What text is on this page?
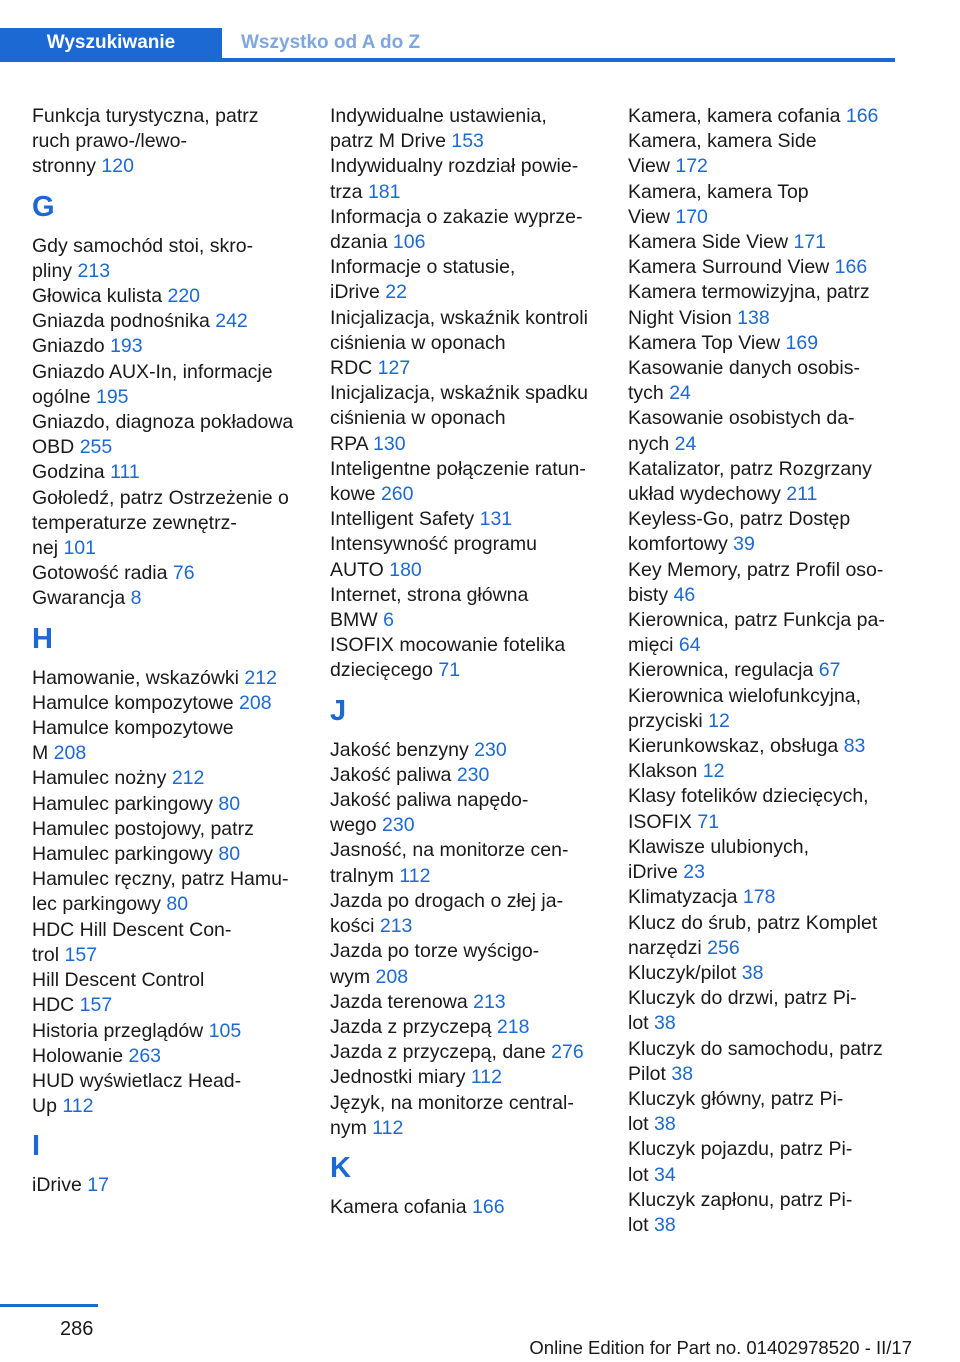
Wyszukiwanie	Wszystko od A do Z
Funkcja turystyczna, patrz
ruch prawo-/lewo-
stronny 120
G
Gdy samochód stoi, skro-
pliny 213
Głowica kulista 220
Gniazda podnośnika 242
Gniazdo 193
Gniazdo AUX-In, informacje
ogólne 195
Gniazdo, diagnoza pokładowa
OBD 255
Godzina 111
Gołoledź, patrz Ostrzeżenie o
temperaturze zewnętrz-
nej 101
Gotowość radia 76
Gwarancja 8
H
Hamowanie, wskazówki 212
Hamulce kompozytowe 208
Hamulce kompozytowe
M 208
Hamulec nożny 212
Hamulec parkingowy 80
Hamulec postojowy, patrz
Hamulec parkingowy 80
Hamulec ręczny, patrz Hamu-
lec parkingowy 80
HDC Hill Descent Con-
trol 157
Hill Descent Control
HDC 157
Historia przeglądów 105
Holowanie 263
HUD wyświetlacz Head-
Up 112
I
iDrive 17
Indywidualne ustawienia,
patrz M Drive 153
Indywidualny rozdział powie-
trza 181
Informacja o zakazie wyprze-
dzania 106
Informacje o statusie,
iDrive 22
Inicjalizacja, wskaźnik kontroli
ciśnienia w oponach
RDC 127
Inicjalizacja, wskaźnik spadku
ciśnienia w oponach
RPA 130
Inteligentne połączenie ratun-
kowe 260
Intelligent Safety 131
Intensywność programu
AUTO 180
Internet, strona główna
BMW 6
ISOFIX mocowanie fotelika
dziecięcego 71
J
Jakość benzyny 230
Jakość paliwa 230
Jakość paliwa napędo-
wego 230
Jasność, na monitorze cen-
tralnym 112
Jazda po drogach o złej ja-
kości 213
Jazda po torze wyścigo-
wym 208
Jazda terenowa 213
Jazda z przyczepą 218
Jazda z przyczepą, dane 276
Jednostki miary 112
Język, na monitorze central-
nym 112
K
Kamera cofania 166
Kamera, kamera cofania 166
Kamera, kamera Side
View 172
Kamera, kamera Top
View 170
Kamera Side View 171
Kamera Surround View 166
Kamera termowizyjna, patrz
Night Vision 138
Kamera Top View 169
Kasowanie danych osobis-
tych 24
Kasowanie osobistych da-
nych 24
Katalizator, patrz Rozgrzany
układ wydechowy 211
Keyless-Go, patrz Dostęp
komfortowy 39
Key Memory, patrz Profil oso-
bisty 46
Kierownica, patrz Funkcja pa-
mięci 64
Kierownica, regulacja 67
Kierownica wielofunkcyjna,
przyciski 12
Kierunkowskaz, obsługa 83
Klakson 12
Klasy fotelików dziecięcych,
ISOFIX 71
Klawisze ulubionych,
iDrive 23
Klimatyzacja 178
Klucz do śrub, patrz Komplet
narzędzi 256
Kluczyk/pilot 38
Kluczyk do drzwi, patrz Pi-
lot 38
Kluczyk do samochodu, patrz
Pilot 38
Kluczyk główny, patrz Pi-
lot 38
Kluczyk pojazdu, patrz Pi-
lot 34
Kluczyk zapłonu, patrz Pi-
lot 38
286
Online Edition for Part no. 01402978520 - II/17
